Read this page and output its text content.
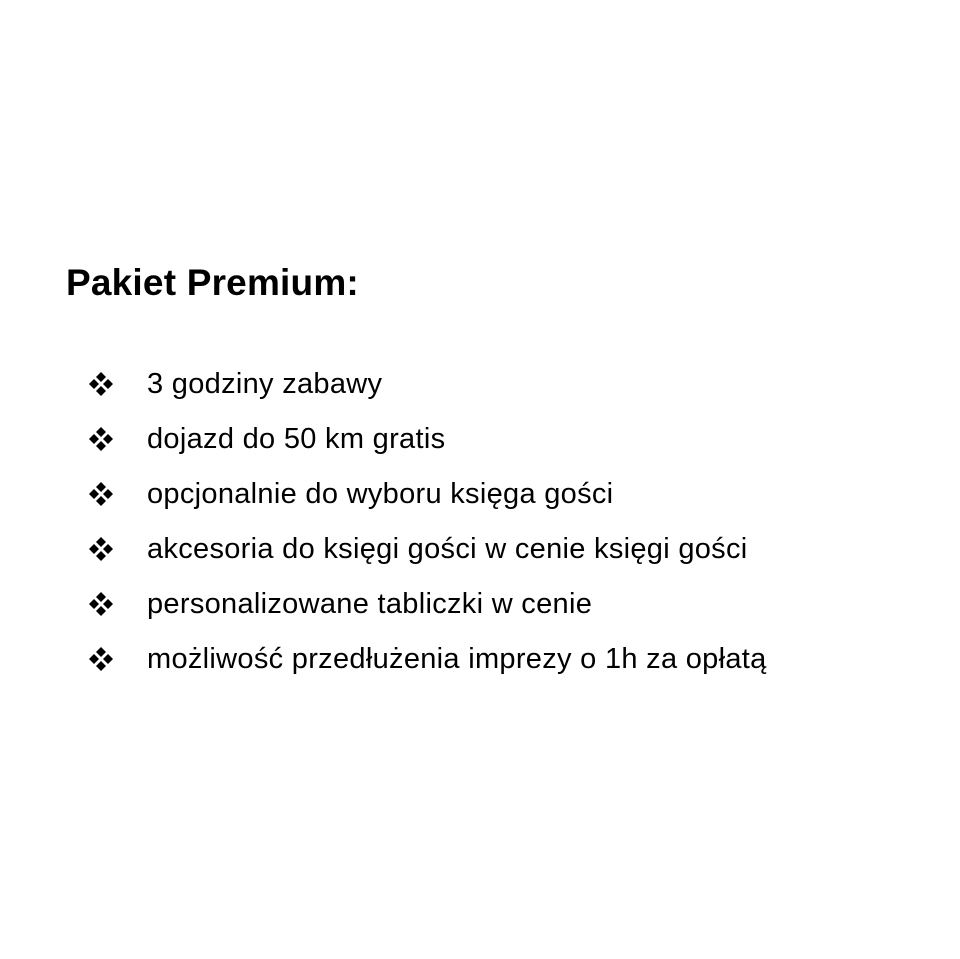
Pakiet Premium:
3 godziny zabawy
dojazd do 50 km gratis
opcjonalnie do wyboru księga gości
akcesoria do księgi gości w cenie księgi gości
personalizowane tabliczki w cenie
możliwość przedłużenia imprezy o 1h za opłatą
